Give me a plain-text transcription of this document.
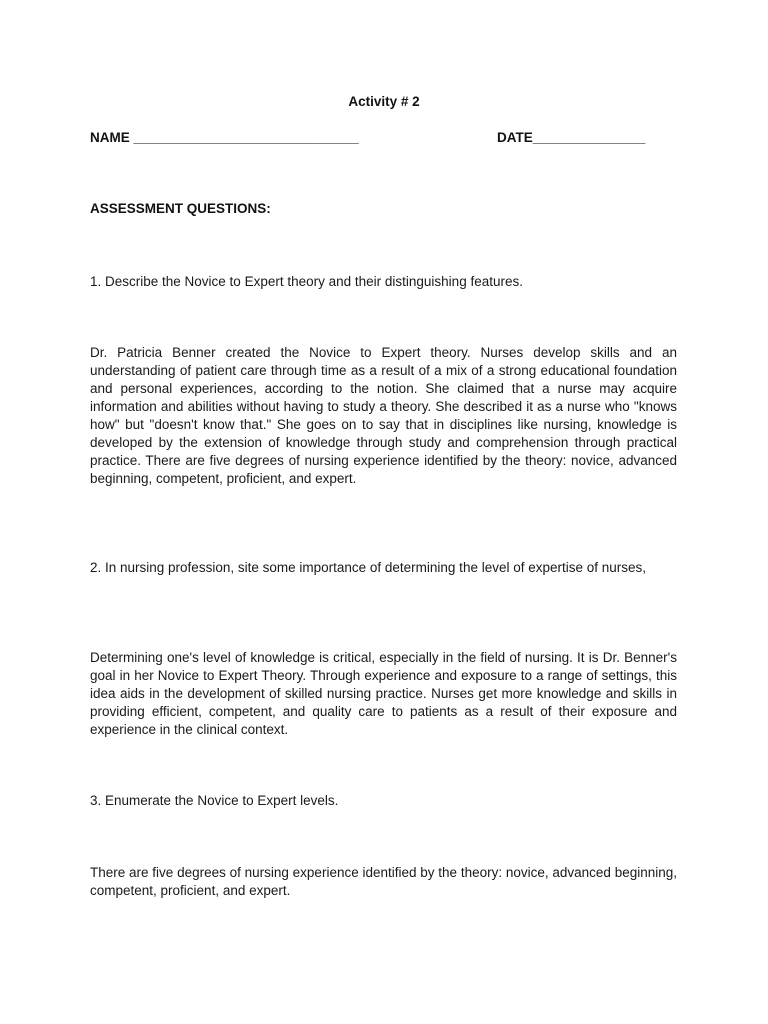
Activity # 2
NAME ______________________________	DATE_______________
ASSESSMENT QUESTIONS:
1. Describe the Novice to Expert theory and their distinguishing features.
Dr. Patricia Benner created the Novice to Expert theory. Nurses develop skills and an understanding of patient care through time as a result of a mix of a strong educational foundation and personal experiences, according to the notion. She claimed that a nurse may acquire information and abilities without having to study a theory. She described it as a nurse who "knows how" but "doesn't know that." She goes on to say that in disciplines like nursing, knowledge is developed by the extension of knowledge through study and comprehension through practical practice. There are five degrees of nursing experience identified by the theory: novice, advanced beginning, competent, proficient, and expert.
2. In nursing profession, site some importance of determining the level of expertise of nurses,
Determining one's level of knowledge is critical, especially in the field of nursing. It is Dr. Benner's goal in her Novice to Expert Theory. Through experience and exposure to a range of settings, this idea aids in the development of skilled nursing practice. Nurses get more knowledge and skills in providing efficient, competent, and quality care to patients as a result of their exposure and experience in the clinical context.
3. Enumerate the Novice to Expert levels.
There are five degrees of nursing experience identified by the theory: novice, advanced beginning, competent, proficient, and expert.
